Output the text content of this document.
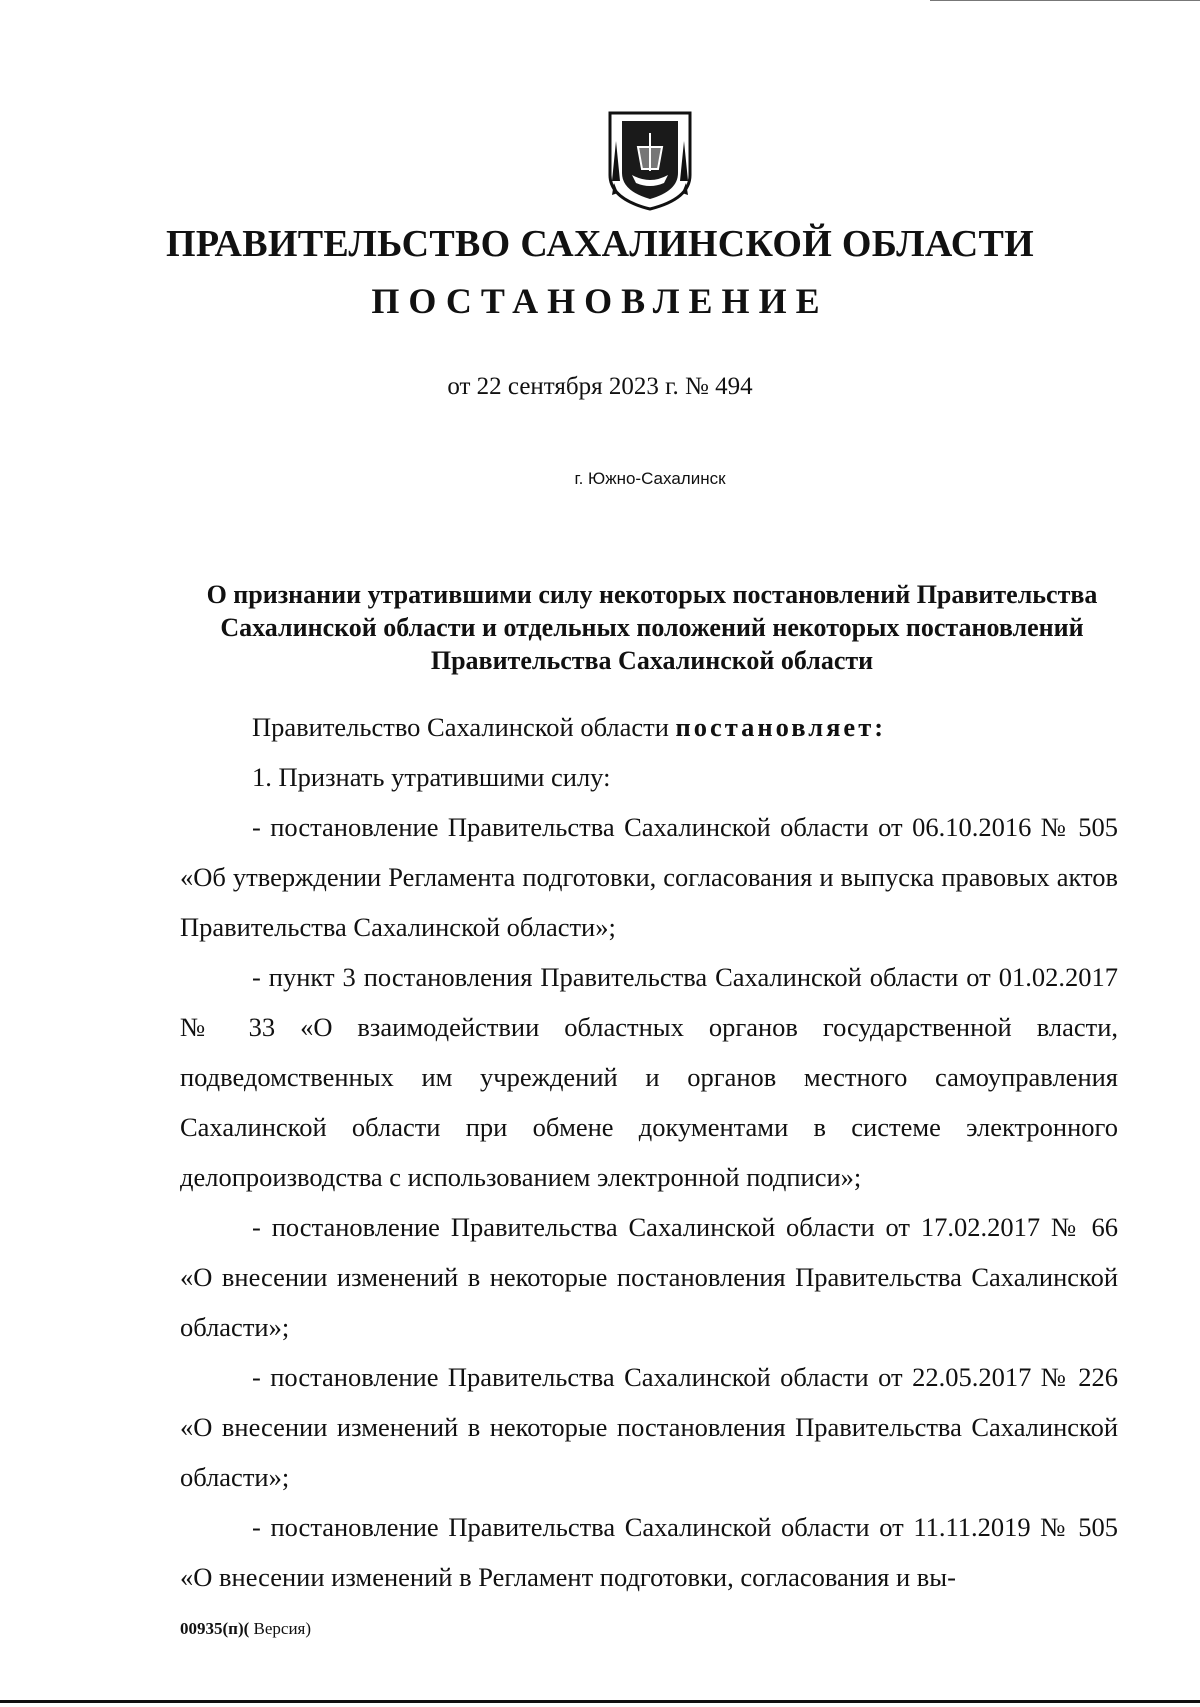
ПРАВИТЕЛЬСТВО САХАЛИНСКОЙ ОБЛАСТИ
ПОСТАНОВЛЕНИЕ

от 22 сентября 2023 г. № 494

г. Южно-Сахалинск

О признании утратившими силу некоторых постановлений Правительства Сахалинской области и отдельных положений некоторых постановлений Правительства Сахалинской области

Правительство Сахалинской области постановляет:

1. Признать утратившими силу:

- постановление Правительства Сахалинской области от 06.10.2016 № 505 «Об утверждении Регламента подготовки, согласования и выпуска правовых актов Правительства Сахалинской области»;

- пункт 3 постановления Правительства Сахалинской области от 01.02.2017 № 33 «О взаимодействии областных органов государственной власти, подведомственных им учреждений и органов местного самоуправления Сахалинской области при обмене документами в системе электронного делопроизводства с использованием электронной подписи»;

- постановление Правительства Сахалинской области от 17.02.2017 № 66 «О внесении изменений в некоторые постановления Правительства Сахалинской области»;

- постановление Правительства Сахалинской области от 22.05.2017 № 226 «О внесении изменений в некоторые постановления Правительства Сахалинской области»;

- постановление Правительства Сахалинской области от 11.11.2019 № 505 «О внесении изменений в Регламент подготовки, согласования и вы-

00935(п)( Версия)
